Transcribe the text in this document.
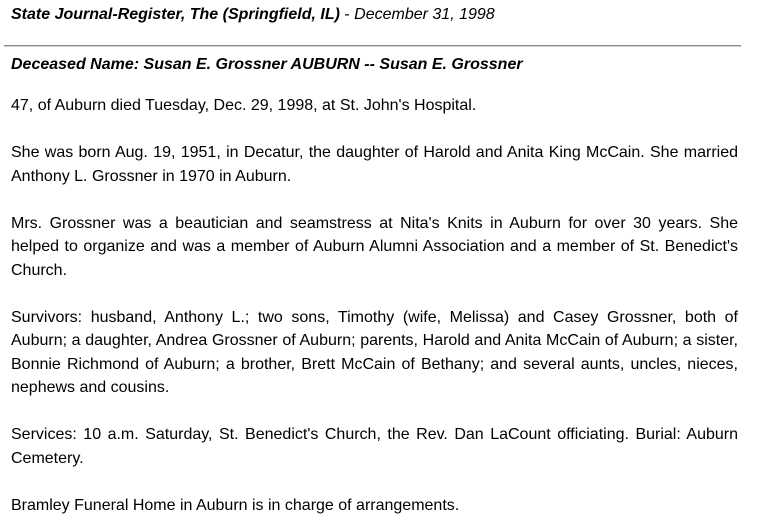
State Journal-Register, The (Springfield, IL) - December 31, 1998
Deceased Name: Susan E. Grossner AUBURN -- Susan E. Grossner

47, of Auburn died Tuesday, Dec. 29, 1998, at St. John's Hospital.

She was born Aug. 19, 1951, in Decatur, the daughter of Harold and Anita King McCain. She married Anthony L. Grossner in 1970 in Auburn.

Mrs. Grossner was a beautician and seamstress at Nita's Knits in Auburn for over 30 years. She helped to organize and was a member of Auburn Alumni Association and a member of St. Benedict's Church.

Survivors: husband, Anthony L.; two sons, Timothy (wife, Melissa) and Casey Grossner, both of Auburn; a daughter, Andrea Grossner of Auburn; parents, Harold and Anita McCain of Auburn; a sister, Bonnie Richmond of Auburn; a brother, Brett McCain of Bethany; and several aunts, uncles, nieces, nephews and cousins.

Services: 10 a.m. Saturday, St. Benedict's Church, the Rev. Dan LaCount officiating. Burial: Auburn Cemetery.

Bramley Funeral Home in Auburn is in charge of arrangements.
